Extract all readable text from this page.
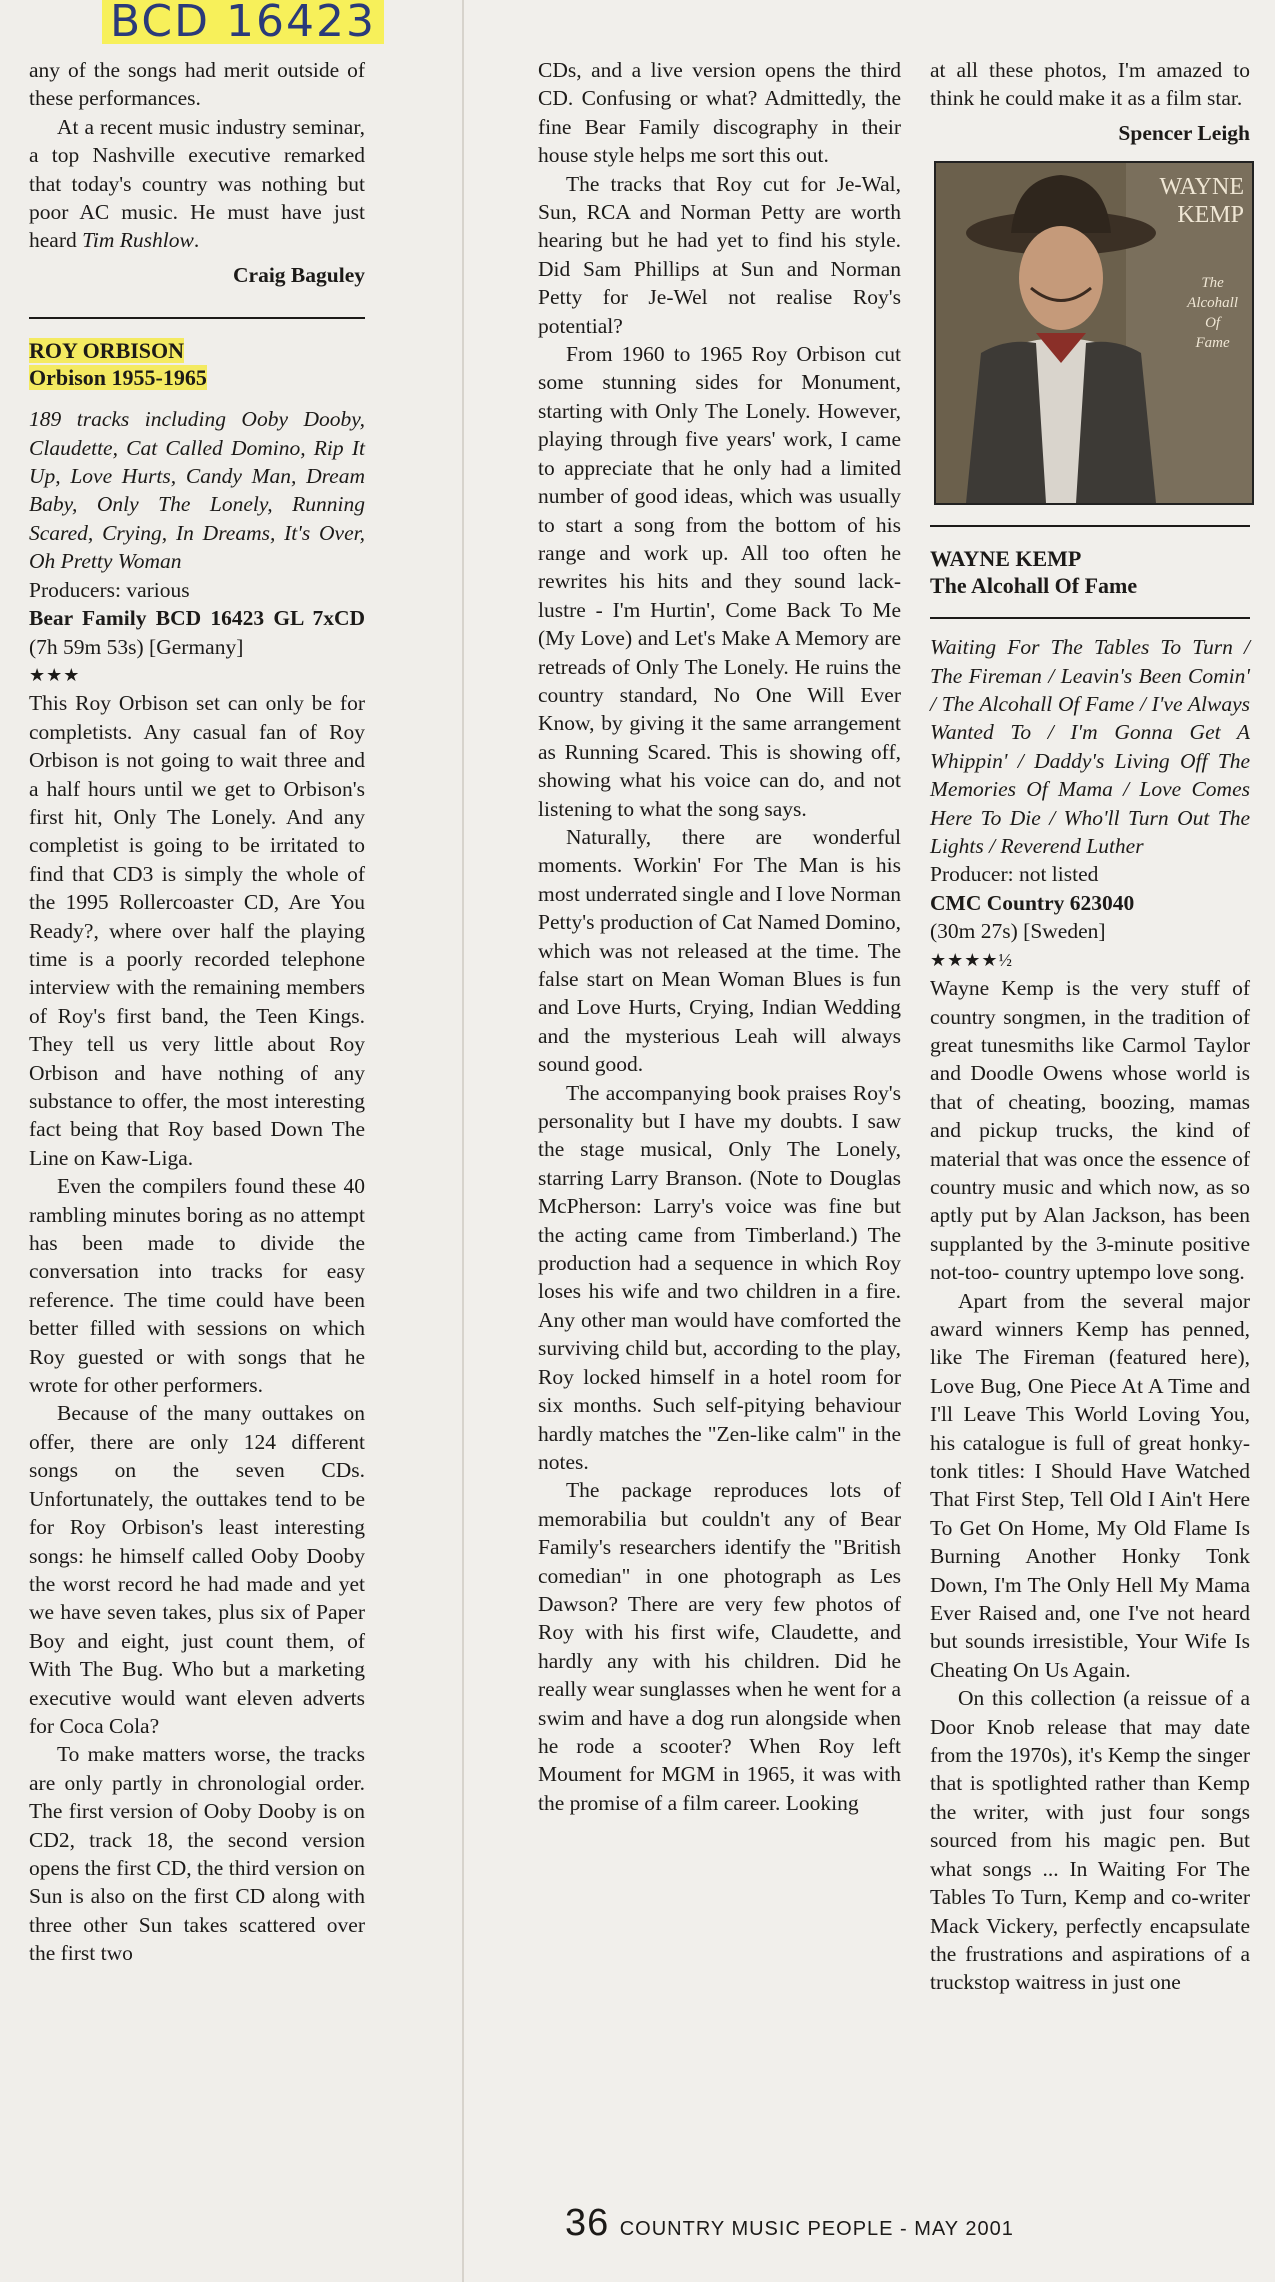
BCD 16423

any of the songs had merit outside of these performances.

At a recent music industry seminar, a top Nashville executive remarked that today's country was nothing but poor AC music. He must have just heard Tim Rushlow.

Craig Baguley
ROY ORBISON
Orbison 1955-1965

189 tracks including Ooby Dooby, Claudette, Cat Called Domino, Rip It Up, Love Hurts, Candy Man, Dream Baby, Only The Lonely, Running Scared, Crying, In Dreams, It's Over, Oh Pretty Woman

Producers: various

Bear Family BCD 16423 GL 7xCD (7h 59m 53s) [Germany]

★★★

This Roy Orbison set can only be for completists. Any casual fan of Roy Orbison is not going to wait three and a half hours until we get to Orbison's first hit, Only The Lonely. And any completist is going to be irritated to find that CD3 is simply the whole of the 1995 Rollercoaster CD, Are You Ready?, where over half the playing time is a poorly recorded telephone interview with the remaining members of Roy's first band, the Teen Kings. They tell us very little about Roy Orbison and have nothing of any substance to offer, the most interesting fact being that Roy based Down The Line on Kaw-Liga.

Even the compilers found these 40 rambling minutes boring as no attempt has been made to divide the conversation into tracks for easy reference. The time could have been better filled with sessions on which Roy guested or with songs that he wrote for other performers.

Because of the many outtakes on offer, there are only 124 different songs on the seven CDs. Unfortunately, the outtakes tend to be for Roy Orbison's least interesting songs: he himself called Ooby Dooby the worst record he had made and yet we have seven takes, plus six of Paper Boy and eight, just count them, of With The Bug. Who but a marketing executive would want eleven adverts for Coca Cola?

To make matters worse, the tracks are only partly in chronologial order. The first version of Ooby Dooby is on CD2, track 18, the second version opens the first CD, the third version on Sun is also on the first CD along with three other Sun takes scattered over the first two

CDs, and a live version opens the third CD. Confusing or what? Admittedly, the fine Bear Family discography in their house style helps me sort this out.

The tracks that Roy cut for Je-Wal, Sun, RCA and Norman Petty are worth hearing but he had yet to find his style. Did Sam Phillips at Sun and Norman Petty for Je-Wel not realise Roy's potential?

From 1960 to 1965 Roy Orbison cut some stunning sides for Monument, starting with Only The Lonely. However, playing through five years' work, I came to appreciate that he only had a limited number of good ideas, which was usually to start a song from the bottom of his range and work up. All too often he rewrites his hits and they sound lack-lustre - I'm Hurtin', Come Back To Me (My Love) and Let's Make A Memory are retreads of Only The Lonely. He ruins the country standard, No One Will Ever Know, by giving it the same arrangement as Running Scared. This is showing off, showing what his voice can do, and not listening to what the song says.

Naturally, there are wonderful moments. Workin' For The Man is his most underrated single and I love Norman Petty's production of Cat Named Domino, which was not released at the time. The false start on Mean Woman Blues is fun and Love Hurts, Crying, Indian Wedding and the mysterious Leah will always sound good.

The accompanying book praises Roy's personality but I have my doubts. I saw the stage musical, Only The Lonely, starring Larry Branson. (Note to Douglas McPherson: Larry's voice was fine but the acting came from Timberland.) The production had a sequence in which Roy loses his wife and two children in a fire. Any other man would have comforted the surviving child but, according to the play, Roy locked himself in a hotel room for six months. Such self-pitying behaviour hardly matches the "Zen-like calm" in the notes.

The package reproduces lots of memorabilia but couldn't any of Bear Family's researchers identify the "British comedian" in one photograph as Les Dawson? There are very few photos of Roy with his first wife, Claudette, and hardly any with his children. Did he really wear sunglasses when he went for a swim and have a dog run alongside when he rode a scooter? When Roy left Moument for MGM in 1965, it was with the promise of a film career. Looking

at all these photos, I'm amazed to think he could make it as a film star.

Spencer Leigh
WAYNE
KEMP
The
Alcohall
Of
Fame
WAYNE KEMP
The Alcohall Of Fame

Waiting For The Tables To Turn / The Fireman / Leavin's Been Comin' / The Alcohall Of Fame / I've Always Wanted To / I'm Gonna Get A Whippin' / Daddy's Living Off The Memories Of Mama / Love Comes Here To Die / Who'll Turn Out The Lights / Reverend Luther

Producer: not listed

CMC Country 623040

(30m 27s) [Sweden]

★★★★½

Wayne Kemp is the very stuff of country songmen, in the tradition of great tunesmiths like Carmol Taylor and Doodle Owens whose world is that of cheating, boozing, mamas and pickup trucks, the kind of material that was once the essence of country music and which now, as so aptly put by Alan Jackson, has been supplanted by the 3-minute positive not-too- country uptempo love song.

Apart from the several major award winners Kemp has penned, like The Fireman (featured here), Love Bug, One Piece At A Time and I'll Leave This World Loving You, his catalogue is full of great honky-tonk titles: I Should Have Watched That First Step, Tell Old I Ain't Here To Get On Home, My Old Flame Is Burning Another Honky Tonk Down, I'm The Only Hell My Mama Ever Raised and, one I've not heard but sounds irresistible, Your Wife Is Cheating On Us Again.

On this collection (a reissue of a Door Knob release that may date from the 1970s), it's Kemp the singer that is spotlighted rather than Kemp the writer, with just four songs sourced from his magic pen. But what songs ... In Waiting For The Tables To Turn, Kemp and co-writer Mack Vickery, perfectly encapsulate the frustrations and aspirations of a truckstop waitress in just one

36 COUNTRY MUSIC PEOPLE - MAY 2001
